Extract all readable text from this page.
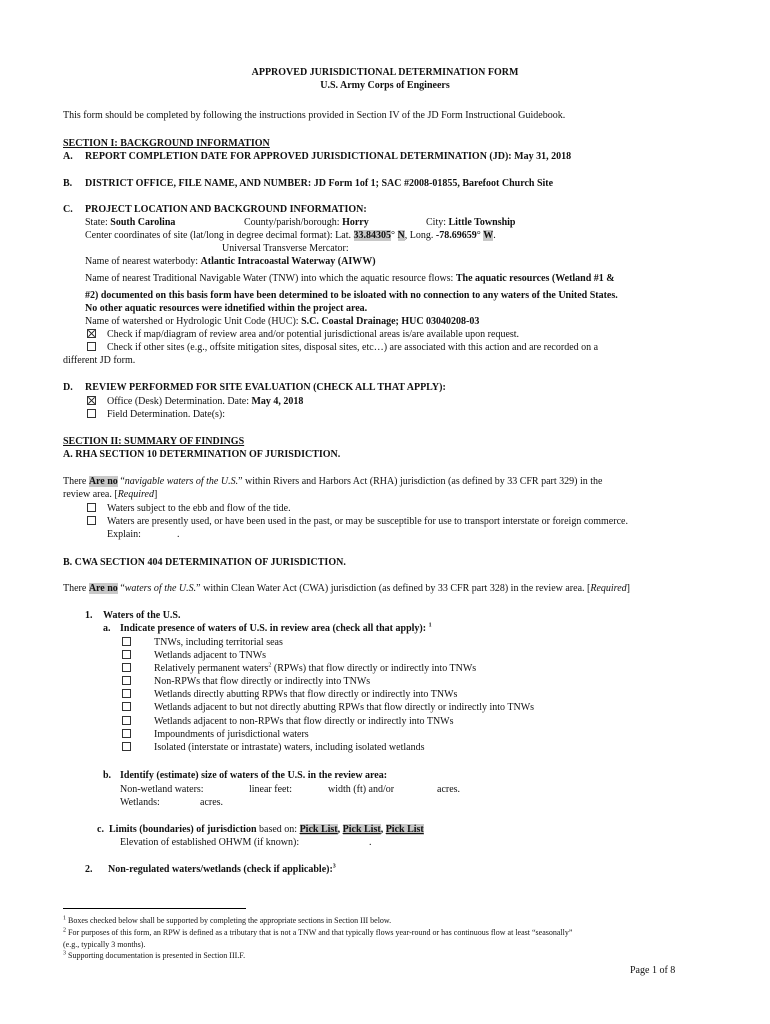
APPROVED JURISDICTIONAL DETERMINATION FORM
U.S. Army Corps of Engineers
This form should be completed by following the instructions provided in Section IV of the JD Form Instructional Guidebook.
SECTION I: BACKGROUND INFORMATION
A. REPORT COMPLETION DATE FOR APPROVED JURISDICTIONAL DETERMINATION (JD): May 31, 2018
B. DISTRICT OFFICE, FILE NAME, AND NUMBER: JD Form 1of 1; SAC #2008-01855, Barefoot Church Site
C. PROJECT LOCATION AND BACKGROUND INFORMATION:
State: South Carolina	County/parish/borough: Horry	City: Little Township
Center coordinates of site (lat/long in degree decimal format): Lat. 33.84305° N, Long. -78.69659° W.
Universal Transverse Mercator:
Name of nearest waterbody: Atlantic Intracoastal Waterway (AIWW)
Name of nearest Traditional Navigable Water (TNW) into which the aquatic resource flows: The aquatic resources (Wetland #1 &
#2) documented on this basis form have been determined to be isloated with no connection to any waters of the United States.
No other aquatic resources were idnetified within the project area.
Name of watershed or Hydrologic Unit Code (HUC): S.C. Coastal Drainage; HUC 03040208-03
Check if map/diagram of review area and/or potential jurisdictional areas is/are available upon request.
Check if other sites (e.g., offsite mitigation sites, disposal sites, etc…) are associated with this action and are recorded on a
different JD form.
D. REVIEW PERFORMED FOR SITE EVALUATION (CHECK ALL THAT APPLY):
Office (Desk) Determination. Date: May 4, 2018
Field Determination. Date(s):
SECTION II: SUMMARY OF FINDINGS
A. RHA SECTION 10 DETERMINATION OF JURISDICTION.
There Are no “navigable waters of the U.S.” within Rivers and Harbors Act (RHA) jurisdiction (as defined by 33 CFR part 329) in the
review area. [Required]
Waters subject to the ebb and flow of the tide.
Waters are presently used, or have been used in the past, or may be susceptible for use to transport interstate or foreign commerce.
Explain:	.
B. CWA SECTION 404 DETERMINATION OF JURISDICTION.
There Are no “waters of the U.S.” within Clean Water Act (CWA) jurisdiction (as defined by 33 CFR part 328) in the review area. [Required]
1. Waters of the U.S.
a. Indicate presence of waters of U.S. in review area (check all that apply): $^1$
TNWs, including territorial seas
Wetlands adjacent to TNWs
Relatively permanent waters$^2$ (RPWs) that flow directly or indirectly into TNWs
Non-RPWs that flow directly or indirectly into TNWs
Wetlands directly abutting RPWs that flow directly or indirectly into TNWs
Wetlands adjacent to but not directly abutting RPWs that flow directly or indirectly into TNWs
Wetlands adjacent to non-RPWs that flow directly or indirectly into TNWs
Impoundments of jurisdictional waters
Isolated (interstate or intrastate) waters, including isolated wetlands
b. Identify (estimate) size of waters of the U.S. in the review area:
Non-wetland waters:	linear feet:	width (ft) and/or	acres.
Wetlands:	acres.
c. Limits (boundaries) of jurisdiction based on: Pick List, Pick List, Pick List
Elevation of established OHWM (if known):	.
2. Non-regulated waters/wetlands (check if applicable):$^3$
$^1$ Boxes checked below shall be supported by completing the appropriate sections in Section III below.
$^2$ For purposes of this form, an RPW is defined as a tributary that is not a TNW and that typically flows year-round or has continuous flow at least “seasonally”
(e.g., typically 3 months).
$^3$ Supporting documentation is presented in Section III.F.
Page 1 of 8
